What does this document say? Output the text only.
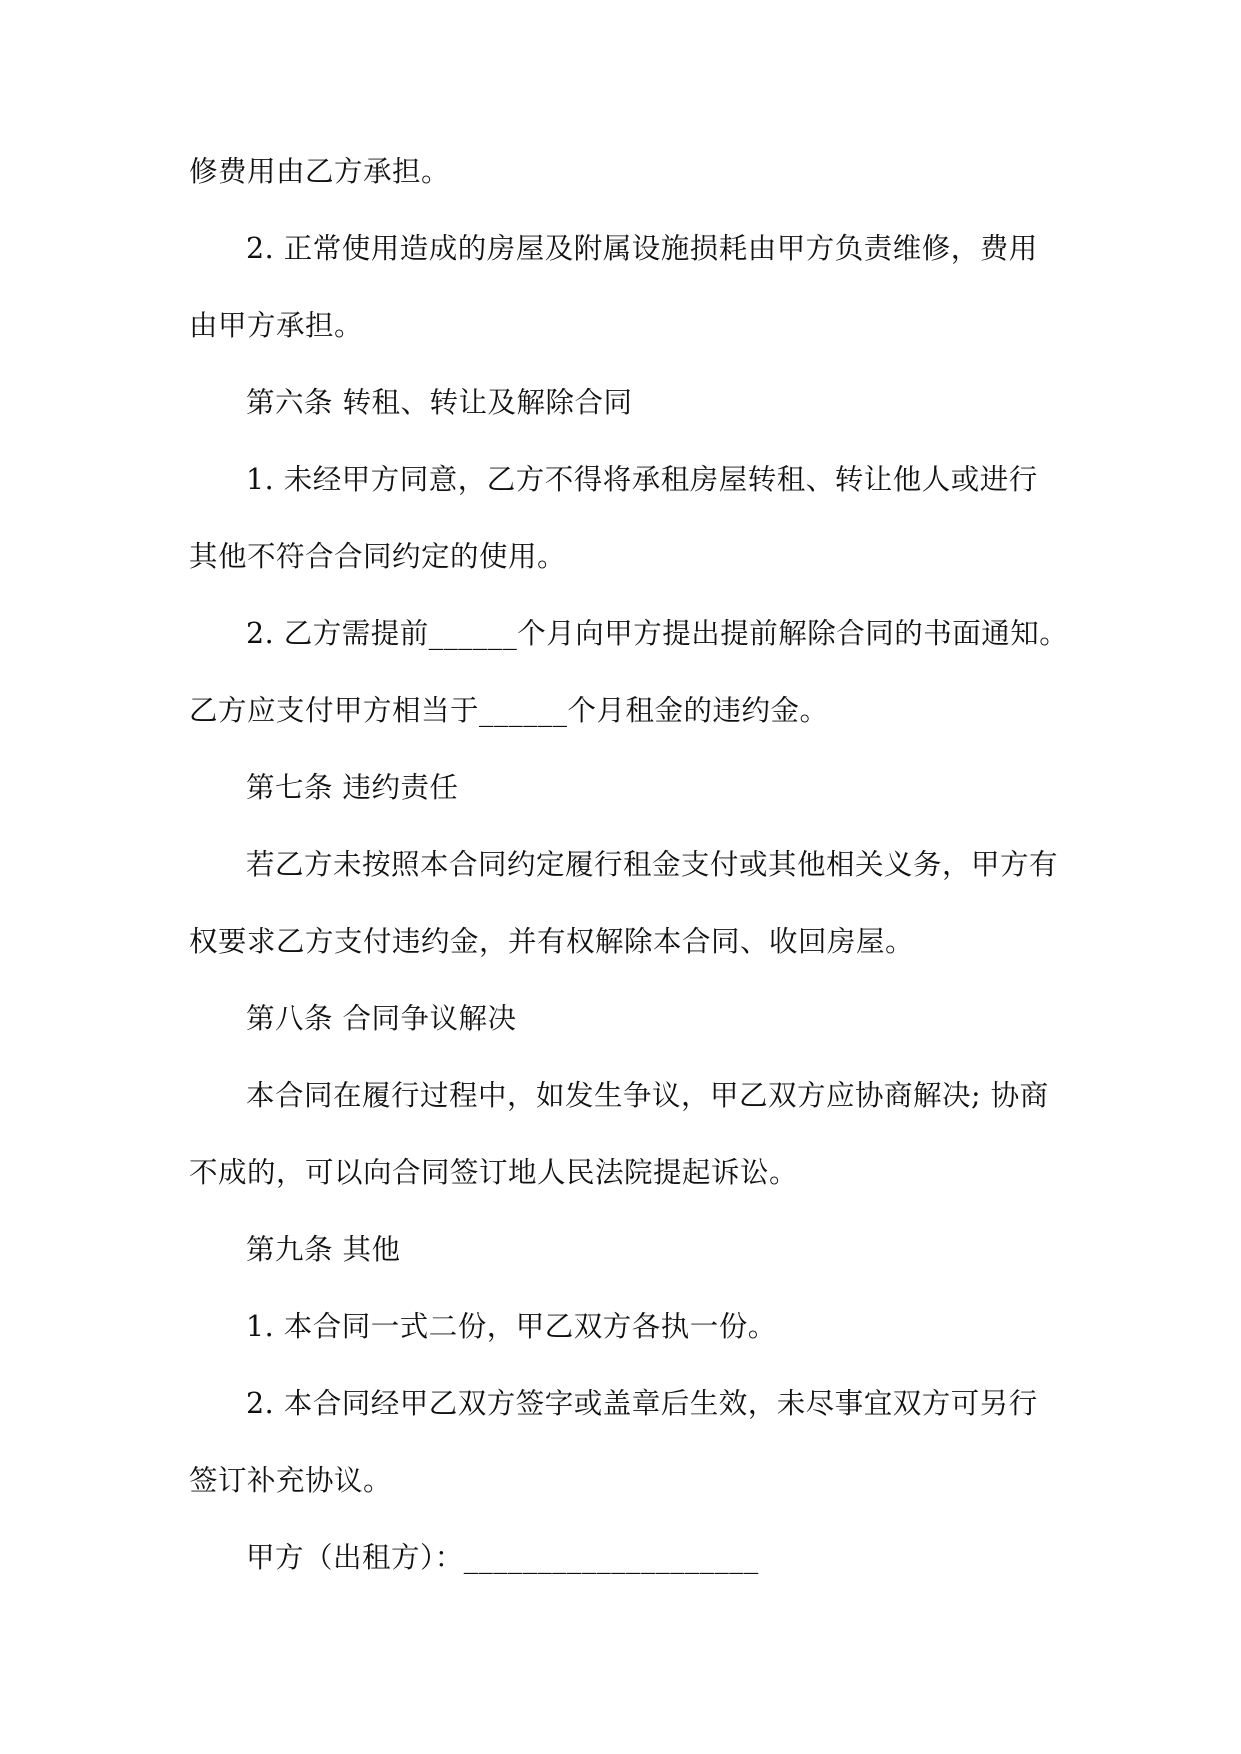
修费用由乙方承担。
2. 正常使用造成的房屋及附属设施损耗由甲方负责维修，费用
由甲方承担。
第六条 转租、转让及解除合同
1. 未经甲方同意，乙方不得将承租房屋转租、转让他人或进行
其他不符合合同约定的使用。
2. 乙方需提前______个月向甲方提出提前解除合同的书面通知。
乙方应支付甲方相当于______个月租金的违约金。
第七条 违约责任
若乙方未按照本合同约定履行租金支付或其他相关义务，甲方有
权要求乙方支付违约金，并有权解除本合同、收回房屋。
第八条 合同争议解决
本合同在履行过程中，如发生争议，甲乙双方应协商解决; 协商
不成的，可以向合同签订地人民法院提起诉讼。
第九条 其他
1. 本合同一式二份，甲乙双方各执一份。
2. 本合同经甲乙双方签字或盖章后生效，未尽事宜双方可另行
签订补充协议。
甲方（出租方）：____________________
